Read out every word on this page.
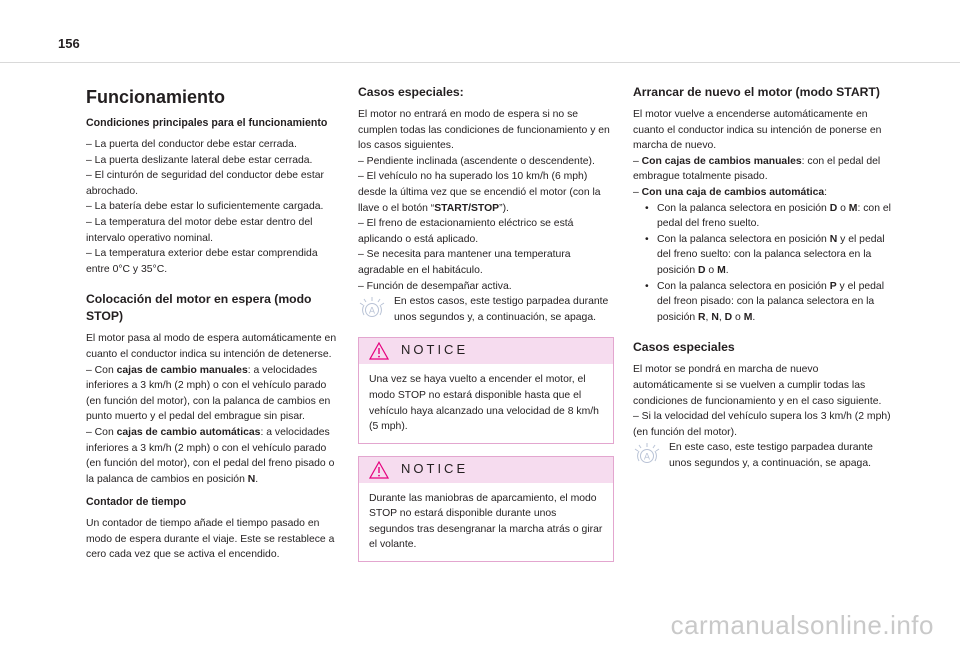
156
Funcionamiento
Condiciones principales para el funcionamiento

– La puerta del conductor debe estar cerrada.

– La puerta deslizante lateral debe estar cerrada.

– El cinturón de seguridad del conductor debe estar abrochado.

– La batería debe estar lo suficientemente cargada.

– La temperatura del motor debe estar dentro del intervalo operativo nominal.

– La temperatura exterior debe estar comprendida entre 0°C y 35°C.

Colocación del motor en espera (modo STOP)

El motor pasa al modo de espera automáticamente en cuanto el conductor indica su intención de detenerse.

– Con cajas de cambio manuales: a velocidades inferiores a 3 km/h (2 mph) o con el vehículo parado (en función del motor), con la palanca de cambios en punto muerto y el pedal del embrague sin pisar.

– Con cajas de cambio automáticas: a velocidades inferiores a 3 km/h (2 mph) o con el vehículo parado (en función del motor), con el pedal del freno pisado o la palanca de cambios en posición N.

Contador de tiempo

Un contador de tiempo añade el tiempo pasado en modo de espera durante el viaje. Este se restablece a cero cada vez que se activa el encendido.

Casos especiales:

El motor no entrará en modo de espera si no se cumplen todas las condiciones de funcionamiento y en los casos siguientes.

– Pendiente inclinada (ascendente o descendente).

– El vehículo no ha superado los 10 km/h (6 mph) desde la última vez que se encendió el motor (con la llave o el botón “START/STOP”).

– El freno de estacionamiento eléctrico se está aplicando o está aplicado.

– Se necesita para mantener una temperatura agradable en el habitáculo.

– Función de desempañar activa.

A
En estos casos, este testigo parpadea durante unos segundos y, a continuación, se apaga.
NOTICE
Una vez se haya vuelto a encender el motor, el modo STOP no estará disponible hasta que el vehículo haya alcanzado una velocidad de 8 km/h (5 mph).
NOTICE
Durante las maniobras de aparcamiento, el modo STOP no estará disponible durante unos segundos tras desengranar la marcha atrás o girar el volante.
Arrancar de nuevo el motor (modo START)

El motor vuelve a encenderse automáticamente en cuanto el conductor indica su intención de ponerse en marcha de nuevo.

– Con cajas de cambios manuales: con el pedal del embrague totalmente pisado.

– Con una caja de cambios automática:

• Con la palanca selectora en posición D o M: con el pedal del freno suelto.

• Con la palanca selectora en posición N y el pedal del freno suelto: con la palanca selectora en la posición D o M.

• Con la palanca selectora en posición P y el pedal del freon pisado: con la palanca selectora en la posición R, N, D o M.

Casos especiales

El motor se pondrá en marcha de nuevo automáticamente si se vuelven a cumplir todas las condiciones de funcionamiento y en el caso siguiente.

– Si la velocidad del vehículo supera los 3 km/h (2 mph) (en función del motor).

A
En este caso, este testigo parpadea durante unos segundos y, a continuación, se apaga.
carmanualsonline.info
